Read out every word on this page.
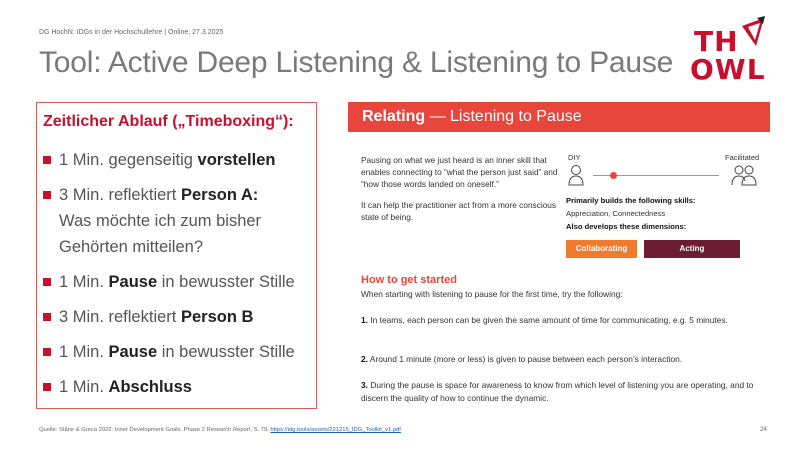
DG HochN: IDGs in der Hochschullehre | Online, 27.3.2025
Tool: Active Deep Listening & Listening to Pause
TH
OWL
Zeitlicher Ablauf („Timeboxing“):
1 Min. gegenseitig vorstellen
3 Min. reflektiert Person A:
Was möchte ich zum bisher Gehörten mitteilen?
1 Min. Pause in bewusster Stille
3 Min. reflektiert Person B
1 Min. Pause in bewusster Stille
1 Min. Abschluss
Relating — Listening to Pause

Pausing on what we just heard is an inner skill that enables connecting to “what the person just said” and “how those words landed on oneself.”

It can help the practitioner act from a more conscious state of being.

DIY	Facilitated
Primarily builds the following skills:
Appreciation, Connectedness
Also develops these dimensions:
Collaborating	Acting
How to get started
When starting with listening to pause for the first time, try the following:
1. In teams, each person can be given the same amount of time for communicating, e.g. 5 minutes.
2. Around 1 minute (more or less) is given to pause between each person’s interaction.
3. During the pause is space for awareness to know from which level of listening you are operating, and to discern the quality of how to continue the dynamic.
Quelle: Ståne & Greca 2022: Inner Development Goals. Phase 2 Research Report, S. 79, https://idg.tools/assets/221215_IDG_Toolkit_v1.pdf	24
